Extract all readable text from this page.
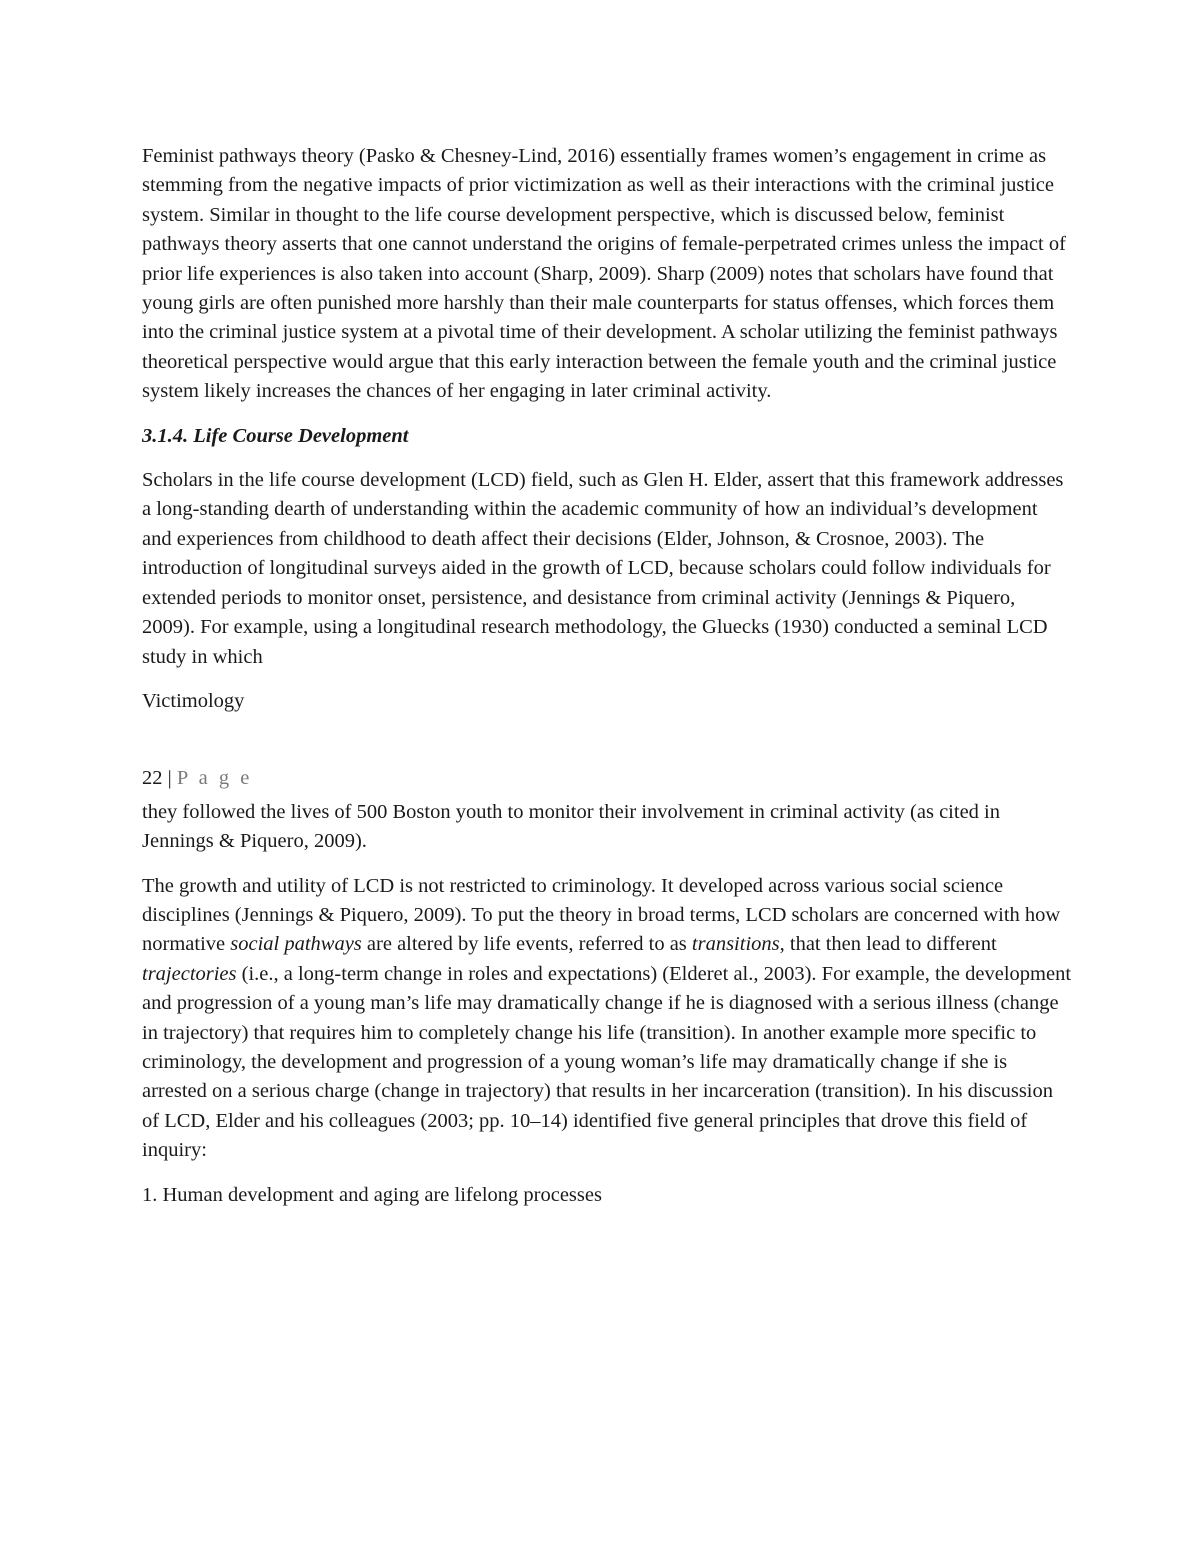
Feminist pathways theory (Pasko & Chesney-Lind, 2016) essentially frames women’s engagement in crime as stemming from the negative impacts of prior victimization as well as their interactions with the criminal justice system. Similar in thought to the life course development perspective, which is discussed below, feminist pathways theory asserts that one cannot understand the origins of female-perpetrated crimes unless the impact of prior life experiences is also taken into account (Sharp, 2009). Sharp (2009) notes that scholars have found that young girls are often punished more harshly than their male counterparts for status offenses, which forces them into the criminal justice system at a pivotal time of their development. A scholar utilizing the feminist pathways theoretical perspective would argue that this early interaction between the female youth and the criminal justice system likely increases the chances of her engaging in later criminal activity.

3.1.4. Life Course Development

Scholars in the life course development (LCD) field, such as Glen H. Elder, assert that this framework addresses a long-standing dearth of understanding within the academic community of how an individual’s development and experiences from childhood to death affect their decisions (Elder, Johnson, & Crosnoe, 2003). The introduction of longitudinal surveys aided in the growth of LCD, because scholars could follow individuals for extended periods to monitor onset, persistence, and desistance from criminal activity (Jennings & Piquero, 2009). For example, using a longitudinal research methodology, the Gluecks (1930) conducted a seminal LCD study in which

Victimology

22 | P a g e

they followed the lives of 500 Boston youth to monitor their involvement in criminal activity (as cited in Jennings & Piquero, 2009).

The growth and utility of LCD is not restricted to criminology. It developed across various social science disciplines (Jennings & Piquero, 2009). To put the theory in broad terms, LCD scholars are concerned with how normative social pathways are altered by life events, referred to as transitions, that then lead to different trajectories (i.e., a long-term change in roles and expectations) (Elderet al., 2003). For example, the development and progression of a young man’s life may dramatically change if he is diagnosed with a serious illness (change in trajectory) that requires him to completely change his life (transition). In another example more specific to criminology, the development and progression of a young woman’s life may dramatically change if she is arrested on a serious charge (change in trajectory) that results in her incarceration (transition). In his discussion of LCD, Elder and his colleagues (2003; pp. 10–14) identified five general principles that drove this field of inquiry:

1. Human development and aging are lifelong processes
